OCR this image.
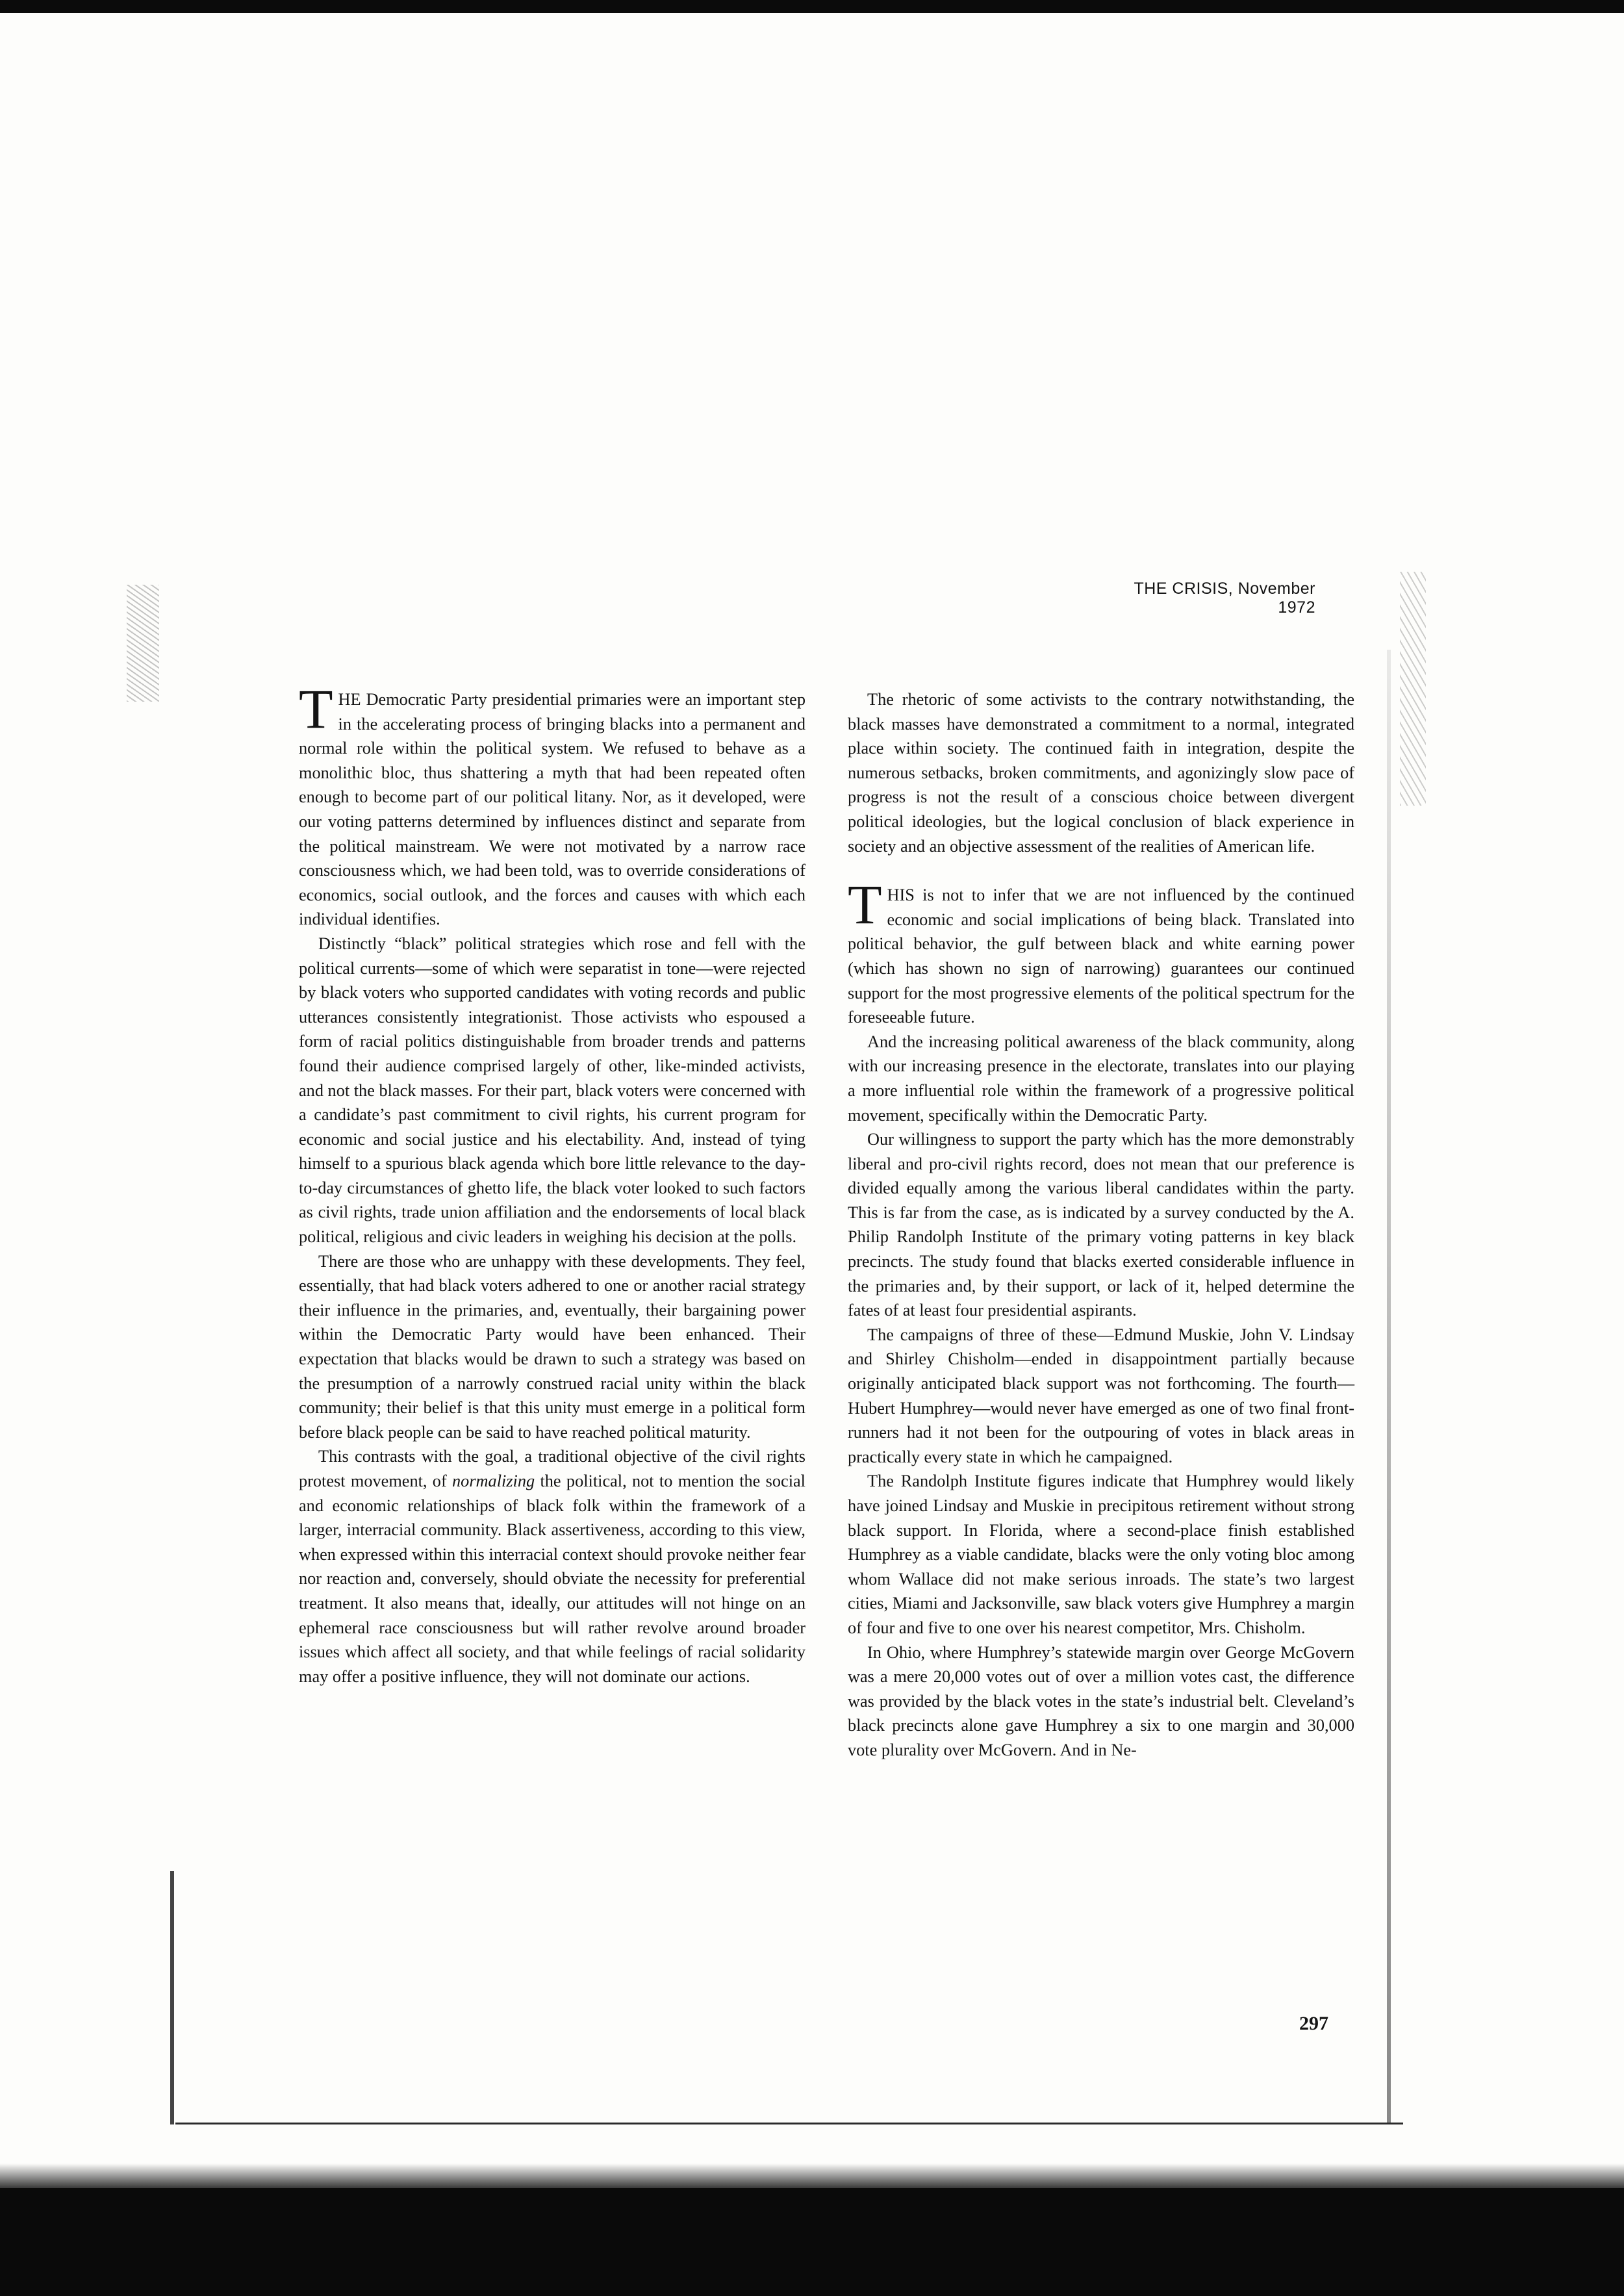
THE CRISIS, November 1972

THE Democratic Party presidential primaries were an important step in the accelerating process of bringing blacks into a permanent and normal role within the political system. We refused to behave as a monolithic bloc, thus shattering a myth that had been repeated often enough to become part of our political litany. Nor, as it developed, were our voting patterns determined by influences distinct and separate from the political mainstream. We were not motivated by a narrow race consciousness which, we had been told, was to override considerations of economics, social outlook, and the forces and causes with which each individual identifies.

Distinctly “black” political strategies which rose and fell with the political currents—some of which were separatist in tone—were rejected by black voters who supported candidates with voting records and public utterances consistently integrationist. Those activists who espoused a form of racial politics distinguishable from broader trends and patterns found their audience comprised largely of other, like-minded activists, and not the black masses. For their part, black voters were concerned with a candidate’s past commitment to civil rights, his current program for economic and social justice and his electability. And, instead of tying himself to a spurious black agenda which bore little relevance to the day-to-day circumstances of ghetto life, the black voter looked to such factors as civil rights, trade union affiliation and the endorsements of local black political, religious and civic leaders in weighing his decision at the polls.

There are those who are unhappy with these developments. They feel, essentially, that had black voters adhered to one or another racial strategy their influence in the primaries, and, eventually, their bargaining power within the Democratic Party would have been enhanced. Their expectation that blacks would be drawn to such a strategy was based on the presumption of a narrowly construed racial unity within the black community; their belief is that this unity must emerge in a political form before black people can be said to have reached political maturity.

This contrasts with the goal, a traditional objective of the civil rights protest movement, of normalizing the political, not to mention the social and economic relationships of black folk within the framework of a larger, interracial community. Black assertiveness, according to this view, when expressed within this interracial context should provoke neither fear nor reaction and, conversely, should obviate the necessity for preferential treatment. It also means that, ideally, our attitudes will not hinge on an ephemeral race consciousness but will rather revolve around broader issues which affect all society, and that while feelings of racial solidarity may offer a positive influence, they will not dominate our actions.

The rhetoric of some activists to the contrary notwithstanding, the black masses have demonstrated a commitment to a normal, integrated place within society. The continued faith in integration, despite the numerous setbacks, broken commitments, and agonizingly slow pace of progress is not the result of a conscious choice between divergent political ideologies, but the logical conclusion of black experience in society and an objective assessment of the realities of American life.

THIS is not to infer that we are not influenced by the continued economic and social implications of being black. Translated into political behavior, the gulf between black and white earning power (which has shown no sign of narrowing) guarantees our continued support for the most progressive elements of the political spectrum for the foreseeable future.

And the increasing political awareness of the black community, along with our increasing presence in the electorate, translates into our playing a more influential role within the framework of a progressive political movement, specifically within the Democratic Party.

Our willingness to support the party which has the more demonstrably liberal and pro-civil rights record, does not mean that our preference is divided equally among the various liberal candidates within the party. This is far from the case, as is indicated by a survey conducted by the A. Philip Randolph Institute of the primary voting patterns in key black precincts. The study found that blacks exerted considerable influence in the primaries and, by their support, or lack of it, helped determine the fates of at least four presidential aspirants.

The campaigns of three of these—Edmund Muskie, John V. Lindsay and Shirley Chisholm—ended in disappointment partially because originally anticipated black support was not forthcoming. The fourth—Hubert Humphrey—would never have emerged as one of two final front-runners had it not been for the outpouring of votes in black areas in practically every state in which he campaigned.

The Randolph Institute figures indicate that Humphrey would likely have joined Lindsay and Muskie in precipitous retirement without strong black support. In Florida, where a second-place finish established Humphrey as a viable candidate, blacks were the only voting bloc among whom Wallace did not make serious inroads. The state’s two largest cities, Miami and Jacksonville, saw black voters give Humphrey a margin of four and five to one over his nearest competitor, Mrs. Chisholm.

In Ohio, where Humphrey’s statewide margin over George McGovern was a mere 20,000 votes out of over a million votes cast, the difference was provided by the black votes in the state’s industrial belt. Cleveland’s black precincts alone gave Humphrey a six to one margin and 30,000 vote plurality over McGovern. And in Ne-

297
